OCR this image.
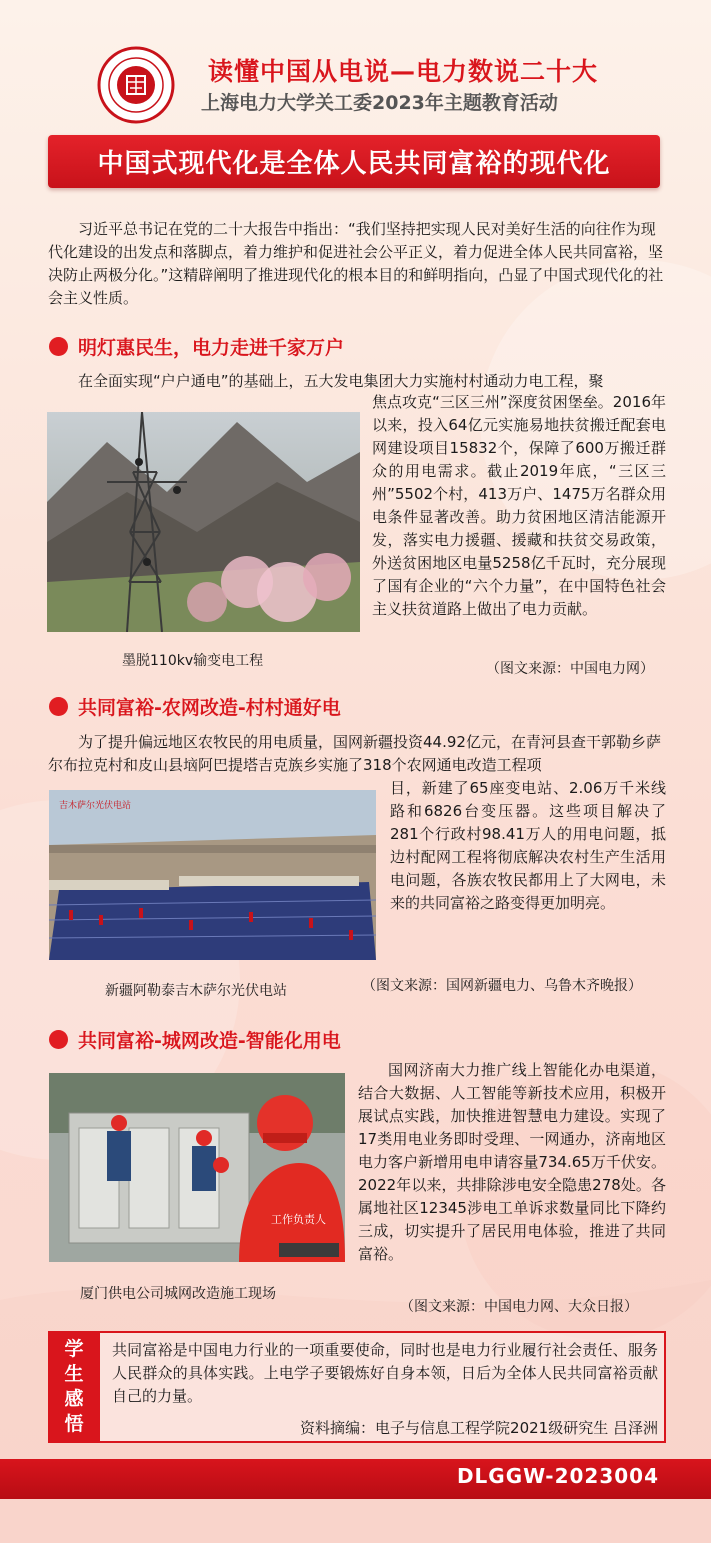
读懂中国从电说—电力数说二十大
上海电力大学关工委2023年主题教育活动
中国式现代化是全体人民共同富裕的现代化

习近平总书记在党的二十大报告中指出：“我们坚持把实现人民对美好生活的向往作为现代化建设的出发点和落脚点，着力维护和促进社会公平正义，着力促进全体人民共同富裕，坚决防止两极分化。”这精辟阐明了推进现代化的根本目的和鲜明指向，凸显了中国式现代化的社会主义性质。

明灯惠民生，电力走进千家万户

在全面实现“户户通电”的基础上，五大发电集团大力实施村村通动力电工程，聚

焦点攻克“三区三州”深度贫困堡垒。2016年以来，投入64亿元实施易地扶贫搬迁配套电网建设项目15832个，保障了600万搬迁群众的用电需求。截止2019年底，“三区三州”5502个村，413万户、1475万名群众用电条件显著改善。助力贫困地区清洁能源开发，落实电力援疆、援藏和扶贫交易政策，外送贫困地区电量5258亿千瓦时，充分展现了国有企业的“六个力量”，在中国特色社会主义扶贫道路上做出了电力贡献。

墨脱110kv输变电工程	（图文来源：中国电力网）
共同富裕-农网改造-村村通好电

为了提升偏远地区农牧民的用电质量，国网新疆投资44.92亿元，在青河县查干郭勒乡萨尔布拉克村和皮山县垴阿巴提塔吉克族乡实施了318个农网通电改造工程项

吉木萨尔光伏电站

目，新建了65座变电站、2.06万千米线路和6826台变压器。这些项目解决了281个行政村98.41万人的用电问题，抵边村配网工程将彻底解决农村生产生活用电问题，各族农牧民都用上了大网电，未来的共同富裕之路变得更加明亮。

新疆阿勒泰吉木萨尔光伏电站	（图文来源：国网新疆电力、乌鲁木齐晚报）
共同富裕-城网改造-智能化用电
工作负责人

国网济南大力推广线上智能化办电渠道，结合大数据、人工智能等新技术应用，积极开展试点实践，加快推进智慧电力建设。实现了17类用电业务即时受理、一网通办，济南地区电力客户新增用电申请容量734.65万千伏安。2022年以来，共排除涉电安全隐患278处。各属地社区12345涉电工单诉求数量同比下降约三成，切实提升了居民用电体验，推进了共同富裕。

厦门供电公司城网改造施工现场
（图文来源：中国电力网、大众日报）
学
生
感
悟

共同富裕是中国电力行业的一项重要使命，同时也是电力行业履行社会责任、服务人民群众的具体实践。上电学子要锻炼好自身本领，日后为全体人民共同富裕贡献自己的力量。

资料摘编：电子与信息工程学院2021级研究生 吕泽洲
DLGGW-2023004
